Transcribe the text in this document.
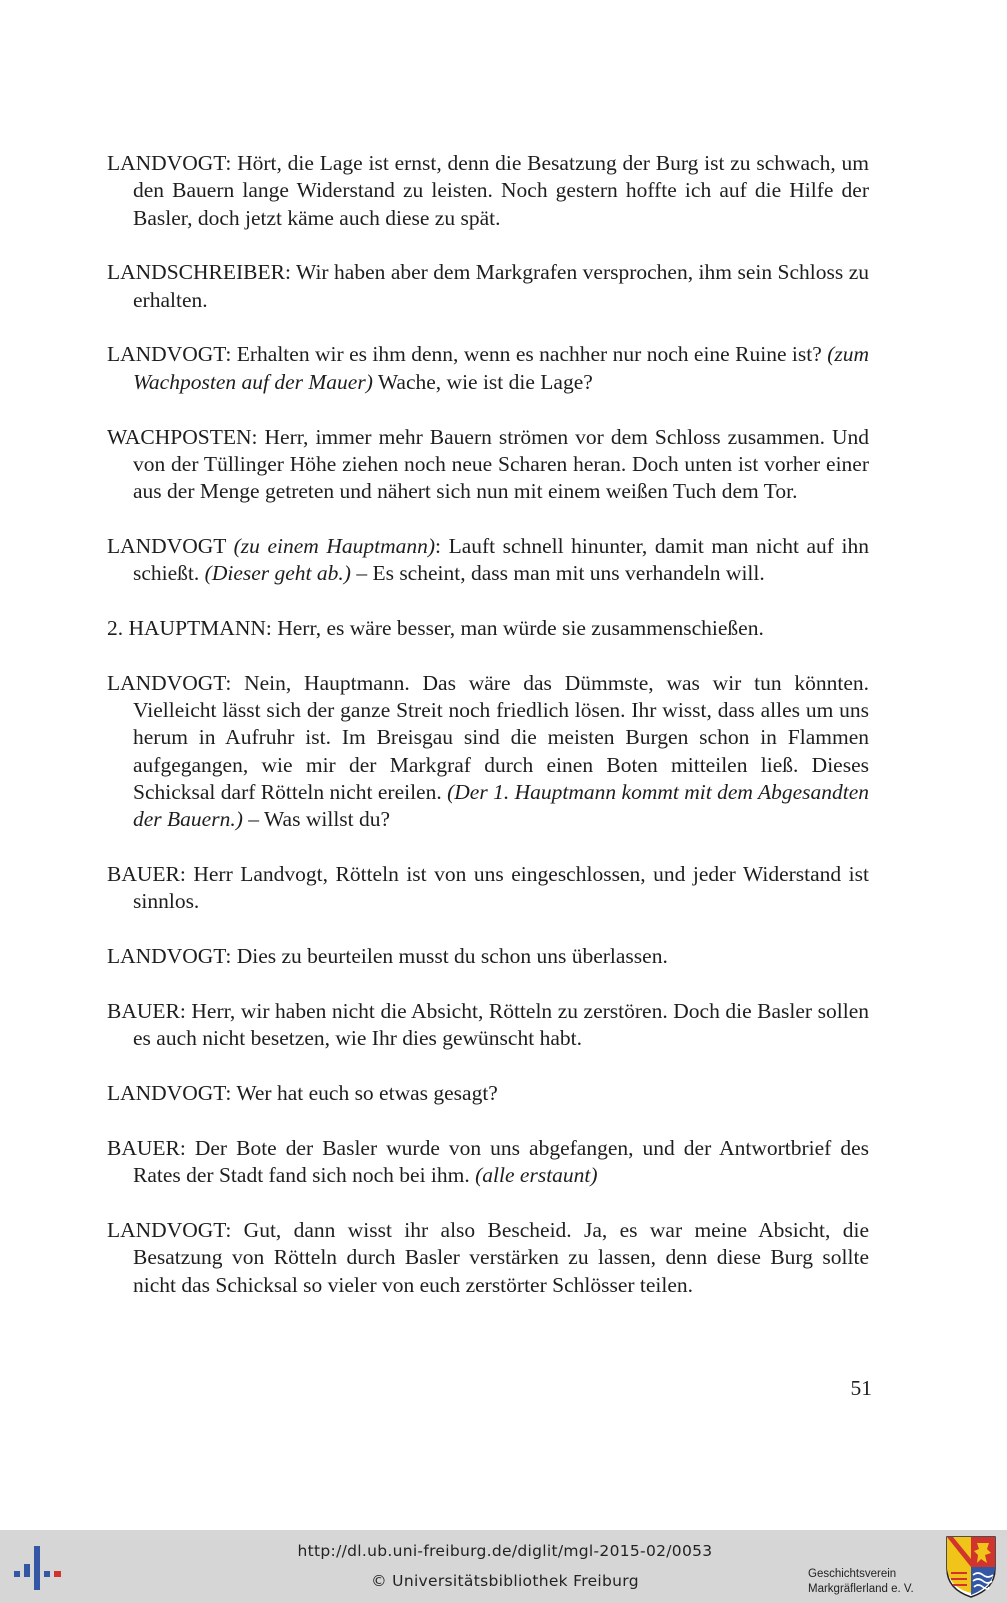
LANDVOGT: Hört, die Lage ist ernst, denn die Besatzung der Burg ist zu schwach, um den Bauern lange Widerstand zu leisten. Noch gestern hoffte ich auf die Hilfe der Basler, doch jetzt käme auch diese zu spät.

LANDSCHREIBER: Wir haben aber dem Markgrafen versprochen, ihm sein Schloss zu erhalten.

LANDVOGT: Erhalten wir es ihm denn, wenn es nachher nur noch eine Ruine ist? (zum Wachposten auf der Mauer) Wache, wie ist die Lage?

WACHPOSTEN: Herr, immer mehr Bauern strömen vor dem Schloss zusammen. Und von der Tüllinger Höhe ziehen noch neue Scharen heran. Doch unten ist vorher einer aus der Menge getreten und nähert sich nun mit einem weißen Tuch dem Tor.

LANDVOGT (zu einem Hauptmann): Lauft schnell hinunter, damit man nicht auf ihn schießt. (Dieser geht ab.) – Es scheint, dass man mit uns verhandeln will.

2. HAUPTMANN: Herr, es wäre besser, man würde sie zusammenschießen.

LANDVOGT: Nein, Hauptmann. Das wäre das Dümmste, was wir tun könnten. Vielleicht lässt sich der ganze Streit noch friedlich lösen. Ihr wisst, dass alles um uns herum in Aufruhr ist. Im Breisgau sind die meisten Burgen schon in Flammen aufgegangen, wie mir der Markgraf durch einen Boten mitteilen ließ. Dieses Schicksal darf Rötteln nicht ereilen. (Der 1. Hauptmann kommt mit dem Abgesandten der Bauern.) – Was willst du?

BAUER: Herr Landvogt, Rötteln ist von uns eingeschlossen, und jeder Widerstand ist sinnlos.

LANDVOGT: Dies zu beurteilen musst du schon uns überlassen.

BAUER: Herr, wir haben nicht die Absicht, Rötteln zu zerstören. Doch die Basler sollen es auch nicht besetzen, wie Ihr dies gewünscht habt.

LANDVOGT: Wer hat euch so etwas gesagt?

BAUER: Der Bote der Basler wurde von uns abgefangen, und der Antwortbrief des Rates der Stadt fand sich noch bei ihm. (alle erstaunt)

LANDVOGT: Gut, dann wisst ihr also Bescheid. Ja, es war meine Absicht, die Besatzung von Rötteln durch Basler verstärken zu lassen, denn diese Burg sollte nicht das Schicksal so vieler von euch zerstörter Schlösser teilen.

51
http://dl.ub.uni-freiburg.de/diglit/mgl-2015-02/0053
© Universitätsbibliothek Freiburg	Geschichtsverein
Markgräflerland e. V.
